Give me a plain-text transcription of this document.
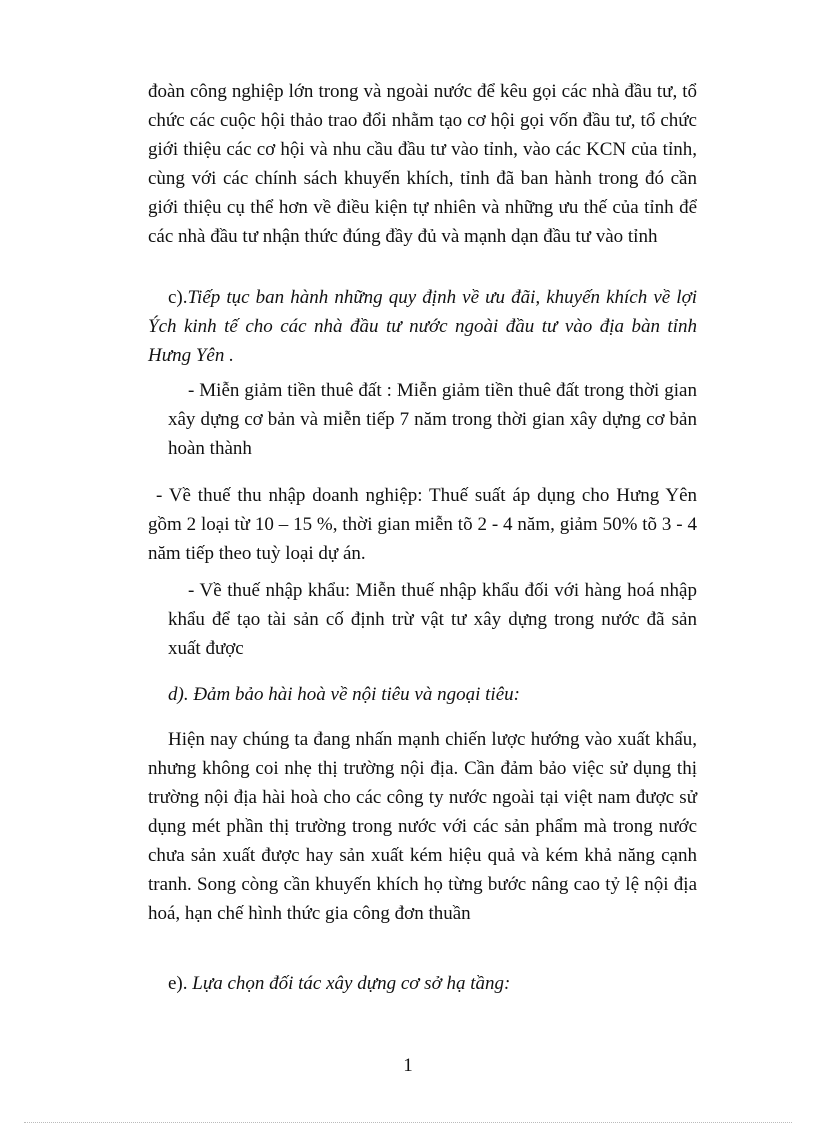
đoàn công nghiệp lớn trong và ngoài nước để kêu gọi các nhà đầu tư, tổ chức các cuộc hội thảo trao đổi nhằm tạo cơ hội gọi vốn đầu tư, tổ chức giới thiệu các cơ hội và nhu cầu đầu tư vào tỉnh, vào các KCN của tỉnh, cùng với các chính sách khuyến khích, tỉnh đã ban hành trong đó cần giới thiệu cụ thể hơn về điều kiện tự nhiên và những ưu thế của tỉnh để các nhà đầu tư nhận thức đúng đầy đủ và mạnh dạn đầu tư vào tỉnh

c).Tiếp tục ban hành những quy định về ưu đãi, khuyến khích về lợi Ých kinh tế cho các nhà đầu tư nước ngoài đầu tư vào địa bàn tỉnh Hưng Yên .

- Miễn giảm tiền thuê đất : Miễn giảm tiền thuê đất trong thời gian xây dựng cơ bản và miễn tiếp 7 năm trong thời gian xây dựng cơ bản hoàn thành

- Về thuế thu nhập doanh nghiệp: Thuế suất áp dụng cho Hưng Yên gồm 2 loại từ 10 – 15 %, thời gian miễn tõ 2 - 4 năm, giảm 50% tõ 3 - 4 năm tiếp theo tuỳ loại dự án.

- Về thuế nhập khẩu: Miễn thuế nhập khẩu đối với hàng hoá nhập khẩu để tạo tài sản cố định trừ vật tư xây dựng trong nước đã sản xuất được

d). Đảm bảo hài hoà về nội tiêu và ngoại tiêu:

Hiện nay chúng ta đang nhấn mạnh chiến lược hướng vào xuất khẩu, nhưng không coi nhẹ thị trường nội địa. Cần đảm bảo việc sử dụng thị trường nội địa hài hoà cho các công ty nước ngoài tại việt nam được sử dụng mét phần thị trường trong nước với các sản phẩm mà trong nước chưa sản xuất được hay sản xuất kém hiệu quả và kém khả năng cạnh tranh. Song còng cần khuyến khích họ từng bước nâng cao tỷ lệ nội địa hoá, hạn chế hình thức gia công đơn thuần

e). Lựa chọn đối tác xây dựng cơ sở hạ tầng:

1
